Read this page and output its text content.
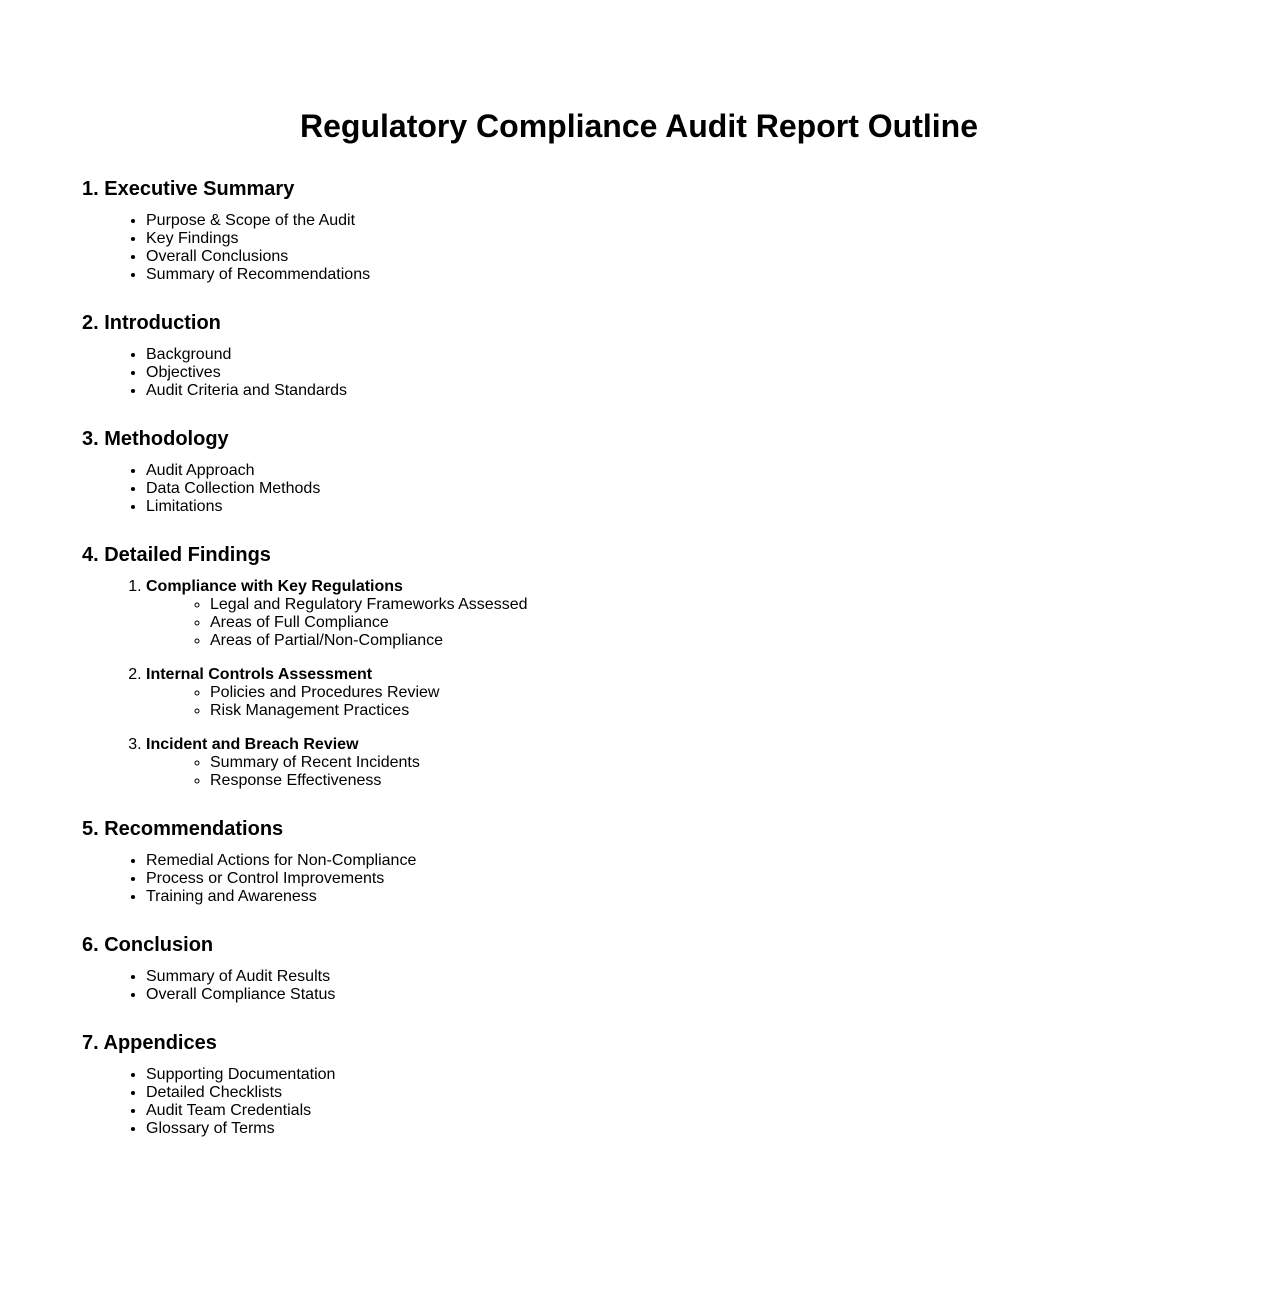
Regulatory Compliance Audit Report Outline
1. Executive Summary
• Purpose & Scope of the Audit
• Key Findings
• Overall Conclusions
• Summary of Recommendations
2. Introduction
• Background
• Objectives
• Audit Criteria and Standards
3. Methodology
• Audit Approach
• Data Collection Methods
• Limitations
4. Detailed Findings
1. Compliance with Key Regulations
◦ Legal and Regulatory Frameworks Assessed
◦ Areas of Full Compliance
◦ Areas of Partial/Non-Compliance
2. Internal Controls Assessment
◦ Policies and Procedures Review
◦ Risk Management Practices
3. Incident and Breach Review
◦ Summary of Recent Incidents
◦ Response Effectiveness
5. Recommendations
• Remedial Actions for Non-Compliance
• Process or Control Improvements
• Training and Awareness
6. Conclusion
• Summary of Audit Results
• Overall Compliance Status
7. Appendices
• Supporting Documentation
• Detailed Checklists
• Audit Team Credentials
• Glossary of Terms
